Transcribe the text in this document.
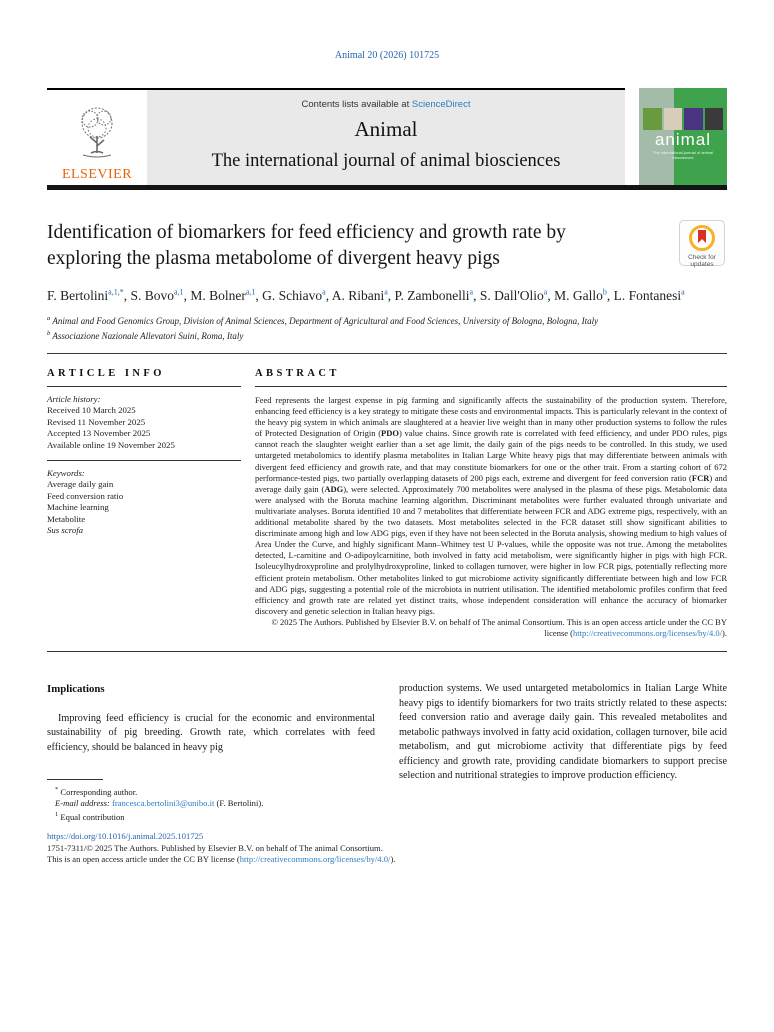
Animal 20 (2026) 101725
ELSEVIER
Contents lists available at ScienceDirect
Animal
The international journal of animal biosciences
animal
The international journal of animal biosciences
Identification of biomarkers for feed efficiency and growth rate by exploring the plasma metabolome of divergent heavy pigs	Check for
updates
F. Bertolini$^{a,1,*}$, S. Bovo$^{a,1}$, M. Bolner$^{a,1}$, G. Schiavo$^a$, A. Ribani$^a$, P. Zambonelli$^a$, S. Dall'Olio$^a$, M. Gallo$^b$, L. Fontanesi$^a$
$^a$ Animal and Food Genomics Group, Division of Animal Sciences, Department of Agricultural and Food Sciences, University of Bologna, Bologna, Italy
$^b$ Associazione Nazionale Allevatori Suini, Roma, Italy
ARTICLE INFO
Article history:
Received 10 March 2025
Revised 11 November 2025
Accepted 13 November 2025
Available online 19 November 2025
Keywords:
Average daily gain
Feed conversion ratio
Machine learning
Metabolite
Sus scrofa
ABSTRACT
Feed represents the largest expense in pig farming and significantly affects the sustainability of the production system. Therefore, enhancing feed efficiency is a key strategy to mitigate these costs and environmental impacts. This is particularly relevant in the context of the heavy pig system in which animals are slaughtered at a heavier live weight than in many other production systems to follow the rules of Protected Designation of Origin (PDO) value chains. Since growth rate is correlated with feed efficiency, and under PDO rules, pigs cannot reach the slaughter weight earlier than a set age limit, the daily gain of the pigs needs to be controlled. In this study, we used untargeted metabolomics to identify plasma metabolites in Italian Large White heavy pigs that may differentiate between animals with divergent feed efficiency and growth rate, and that may constitute biomarkers for one or the other trait. From a starting cohort of 672 performance-tested pigs, two partially overlapping datasets of 200 pigs each, extreme and divergent for feed conversion ratio (FCR) and average daily gain (ADG), were selected. Approximately 700 metabolites were analysed in the plasma of these pigs. Metabolomic data were analysed with the Boruta machine learning algorithm. Discriminant metabolites were further evaluated through univariate and multivariate analyses. Boruta identified 10 and 7 metabolites that differentiate between FCR and ADG extreme pigs, respectively, with an additional metabolite shared by the two datasets. Most metabolites selected in the FCR dataset still show significant abilities to discriminate among high and low ADG pigs, even if they have not been selected in the Boruta analysis, showing medium to high values of Area Under the Curve, and highly significant Mann–Whitney test U P-values, while the opposite was not true. Among the metabolites detected, L-carnitine and O-adipoylcarnitine, both involved in fatty acid metabolism, were significantly higher in pigs with high FCR. Isoleucylhydroxyproline and prolylhydroxyproline, linked to collagen turnover, were higher in low FCR pigs, potentially reflecting more efficient protein metabolism. Other metabolites linked to gut microbiome activity significantly differentiate between high and low FCR and ADG pigs, suggesting a potential role of the microbiota in nutrient utilisation. The identified metabolomic profiles confirm that feed efficiency and growth rate are related yet distinct traits, whose independent consideration will enhance the accuracy of biomarker discovery and genetic selection in Italian heavy pigs.
© 2025 The Authors. Published by Elsevier B.V. on behalf of The animal Consortium. This is an open access article under the CC BY license (http://creativecommons.org/licenses/by/4.0/).
Implications

Improving feed efficiency is crucial for the economic and environmental sustainability of pig breeding. Growth rate, which correlates with feed efficiency, should be balanced in heavy pig

* Corresponding author.
E-mail address: francesca.bertolini3@unibo.it (F. Bertolini).
$^1$ Equal contribution

production systems. We used untargeted metabolomics in Italian Large White heavy pigs to identify biomarkers for two traits strictly related to these aspects: feed conversion ratio and average daily gain. This revealed metabolites and metabolic pathways involved in fatty acid oxidation, collagen turnover, bile acid metabolism, and gut microbiome activity that differentiate pigs by feed efficiency and growth rate, providing candidate biomarkers to support precise selection and nutritional strategies to improve production efficiency.

https://doi.org/10.1016/j.animal.2025.101725
1751-7311/© 2025 The Authors. Published by Elsevier B.V. on behalf of The animal Consortium.
This is an open access article under the CC BY license (http://creativecommons.org/licenses/by/4.0/).
